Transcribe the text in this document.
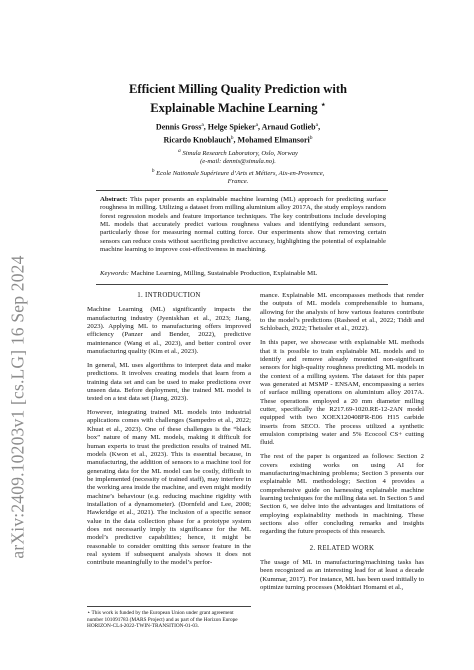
arXiv:2409.10203v1 [cs.LG] 16 Sep 2024
Efficient Milling Quality Prediction with
Explainable Machine Learning ⋆
Dennis Gross$^a$, Helge Spieker$^a$, Arnaud Gotlieb$^a$,
Ricardo Knoblauch$^b$, Mohamed Elmansori$^b$
$^a$ Simula Research Laboratory, Oslo, Norway
(e-mail: dennis@simula.no).
$^b$ Ecole Nationale Supérieure d’Arts et Métiers, Aix-en-Provence,
France.
Abstract: This paper presents an explainable machine learning (ML) approach for predicting surface roughness in milling. Utilizing a dataset from milling aluminium alloy 2017A, the study employs random forest regression models and feature importance techniques. The key contributions include developing ML models that accurately predict various roughness values and identifying redundant sensors, particularly those for measuring normal cutting force. Our experiments show that removing certain sensors can reduce costs without sacrificing predictive accuracy, highlighting the potential of explainable machine learning to improve cost-effectiveness in machining.
Keywords: Machine Learning, Milling, Sustainable Production, Explainable ML
1. INTRODUCTION

Machine Learning (ML) significantly impacts the manufacturing industry (Jyeniskhan et al., 2023; Jiang, 2023). Applying ML to manufacturing offers improved efficiency (Panzer and Bender, 2022), predictive maintenance (Wang et al., 2023), and better control over manufacturing quality (Kim et al., 2023).

In general, ML uses algorithms to interpret data and make predictions. It involves creating models that learn from a training data set and can be used to make predictions over unseen data. Before deployment, the trained ML model is tested on a test data set (Jiang, 2023).

However, integrating trained ML models into industrial applications comes with challenges (Sampedro et al., 2022; Khuat et al., 2023). One of these challenges is the “black box” nature of many ML models, making it difficult for human experts to trust the prediction results of trained ML models (Kwon et al., 2023). This is essential because, in manufacturing, the addition of sensors to a machine tool for generating data for the ML model can be costly, difficult to be implemented (necessity of trained staff), may interfere in the working area inside the machine, and even might modify machine’s behaviour (e.g. reducing machine rigidity with installation of a dynamometer). (Dornfeld and Lee, 2008; Hawkridge et al., 2021). The inclusion of a specific sensor value in the data collection phase for a prototype system does not necessarily imply its significance for the ML model’s predictive capabilities; hence, it might be reasonable to consider omitting this sensor feature in the real system if subsequent analysis shows it does not contribute meaningfully to the model’s perfor-

mance. Explainable ML encompasses methods that render the outputs of ML models comprehensible to humans, allowing for the analysis of how various features contribute to the model’s predictions (Rasheed et al., 2022; Tiddi and Schlobach, 2022; Theissler et al., 2022).

In this paper, we showcase with explainable ML methods that it is possible to train explainable ML models and to identify and remove already mounted non-significant sensors for high-quality roughness predicting ML models in the context of a milling system. The dataset for this paper was generated at MSMP - ENSAM, encompassing a series of surface milling operations on aluminium alloy 2017A. These operations employed a 20 mm diameter milling cutter, specifically the R217.69-1020.RE-12-2AN model equipped with two XOEX120408FR-E06 H15 carbide inserts from SECO. The process utilized a synthetic emulsion comprising water and 5% Ecocool CS+ cutting fluid.

The rest of the paper is organized as follows: Section 2 covers existing works on using AI for manufacturing/machining problems; Section 3 presents our explainable ML methodology; Section 4 provides a comprehensive guide on harnessing explainable machine learning techniques for the milling data set. In Section 5 and Section 6, we delve into the advantages and limitations of employing explainability methods in machining. These sections also offer concluding remarks and insights regarding the future prospects of this research.

2. RELATED WORK

The usage of ML in manufacturing/machining tasks has been recognized as an interesting lead for at least a decade (Kummar, 2017). For instance, ML has been used initially to optimize turning processes (Mokhtari Homami et al.,

⋆ This work is funded by the European Union under grant agreement number 101091783 (MARS Project) and as part of the Horizon Europe HORIZON-CL4-2022-TWIN-TRANSITION-01-03.
